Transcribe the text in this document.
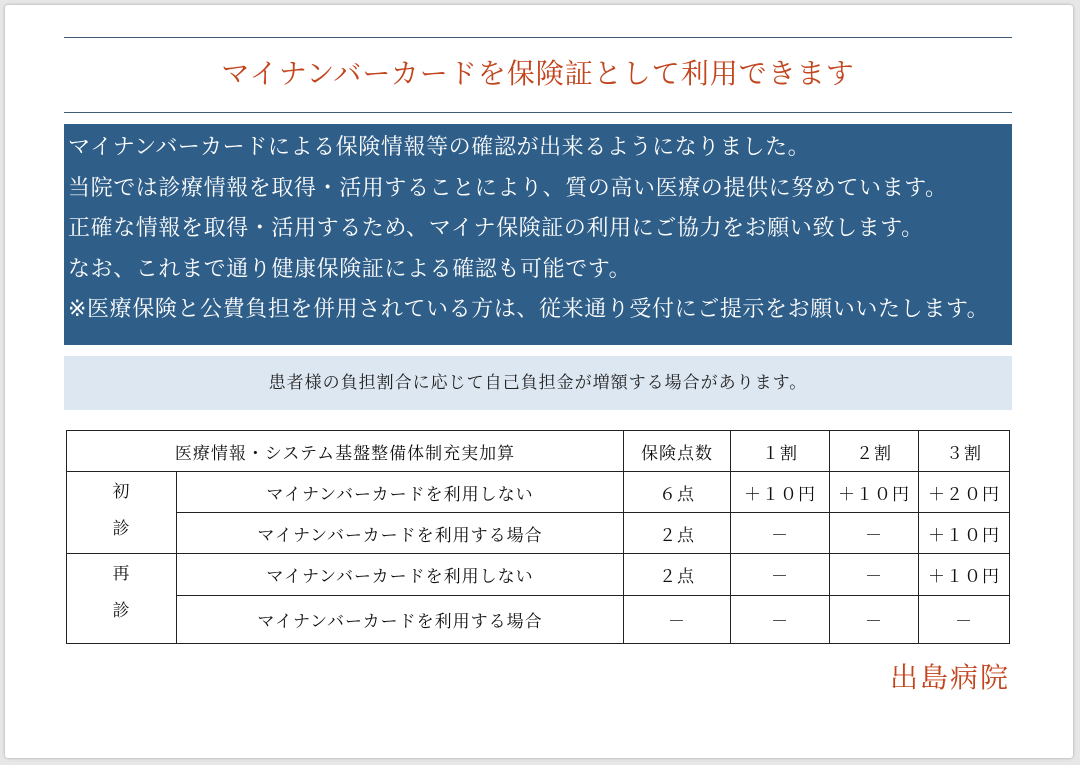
マイナンバーカードを保険証として利用できます
マイナンバーカードによる保険情報等の確認が出来るようになりました。
当院では診療情報を取得・活用することにより、質の高い医療の提供に努めています。
正確な情報を取得・活用するため、マイナ保険証の利用にご協力をお願い致します。
なお、これまで通り健康保険証による確認も可能です。
※医療保険と公費負担を併用されている方は、従来通り受付にご提示をお願いいたします。
患者様の負担割合に応じて自己負担金が増額する場合があります。
医療情報・システム基盤整備体制充実加算		保険点数	１割	２割	３割

初
診	マイナンバーカードを利用しない	６点	＋１０円	＋１０円	＋２０円
	マイナンバーカードを利用する場合	２点	－	－	＋１０円

再
診	マイナンバーカードを利用しない	２点	－	－	＋１０円
	マイナンバーカードを利用する場合	－	－	－	－
出島病院
